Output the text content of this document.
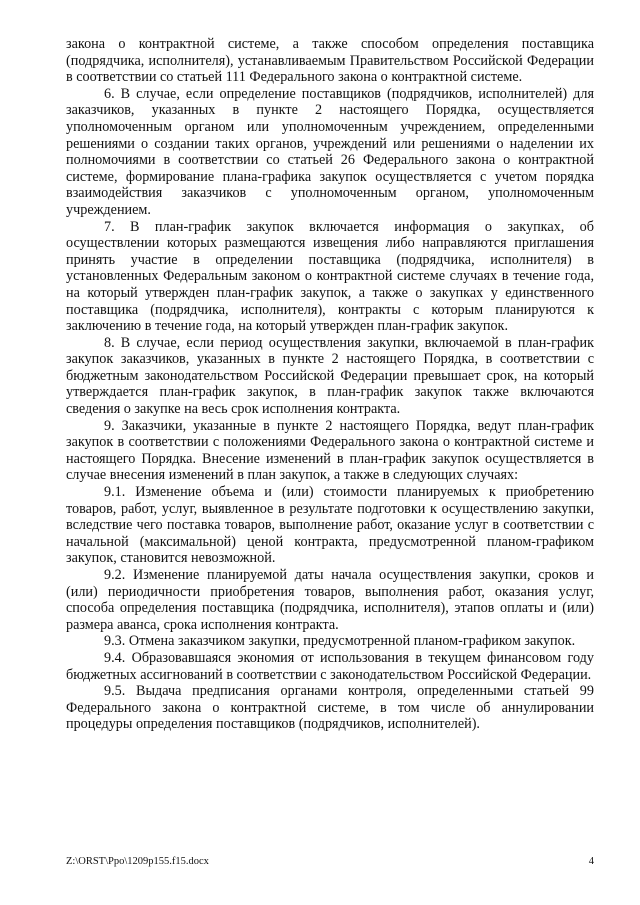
закона о контрактной системе, а также способом определения поставщика (подрядчика, исполнителя), устанавливаемым Правительством Российской Федерации в соответствии со статьей 111 Федерального закона о контрактной системе.

6. В случае, если определение поставщиков (подрядчиков, исполнителей) для заказчиков, указанных в пункте 2 настоящего Порядка, осуществляется уполномоченным органом или уполномоченным учреждением, определенными решениями о создании таких органов, учреждений или решениями о наделении их полномочиями в соответствии со статьей 26 Федерального закона о контрактной системе, формирование плана-графика закупок осуществляется с учетом порядка взаимодействия заказчиков с уполномоченным органом, уполномоченным учреждением.

7. В план-график закупок включается информация о закупках, об осуществлении которых размещаются извещения либо направляются приглашения принять участие в определении поставщика (подрядчика, исполнителя) в установленных Федеральным законом о контрактной системе случаях в течение года, на который утвержден план-график закупок, а также о закупках у единственного поставщика (подрядчика, исполнителя), контракты с которым планируются к заключению в течение года, на который утвержден план-график закупок.

8. В случае, если период осуществления закупки, включаемой в план-график закупок заказчиков, указанных в пункте 2 настоящего Порядка, в соответствии с бюджетным законодательством Российской Федерации превышает срок, на который утверждается план-график закупок, в план-график закупок также включаются сведения о закупке на весь срок исполнения контракта.

9. Заказчики, указанные в пункте 2 настоящего Порядка, ведут план-график закупок в соответствии с положениями Федерального закона о контрактной системе и настоящего Порядка. Внесение изменений в план-график закупок осуществляется в случае внесения изменений в план закупок, а также в следующих случаях:

9.1. Изменение объема и (или) стоимости планируемых к приобретению товаров, работ, услуг, выявленное в результате подготовки к осуществлению закупки, вследствие чего поставка товаров, выполнение работ, оказание услуг в соответствии с начальной (максимальной) ценой контракта, предусмотренной планом-графиком закупок, становится невозможной.

9.2. Изменение планируемой даты начала осуществления закупки, сроков и (или) периодичности приобретения товаров, выполнения работ, оказания услуг, способа определения поставщика (подрядчика, исполнителя), этапов оплаты и (или) размера аванса, срока исполнения контракта.

9.3. Отмена заказчиком закупки, предусмотренной планом-графиком закупок.

9.4. Образовавшаяся экономия от использования в текущем финансовом году бюджетных ассигнований в соответствии с законодательством Российской Федерации.

9.5. Выдача предписания органами контроля, определенными статьей 99 Федерального закона о контрактной системе, в том числе об аннулировании процедуры определения поставщиков (подрядчиков, исполнителей).

Z:\ORST\Ppo\1209p155.f15.docx	4
